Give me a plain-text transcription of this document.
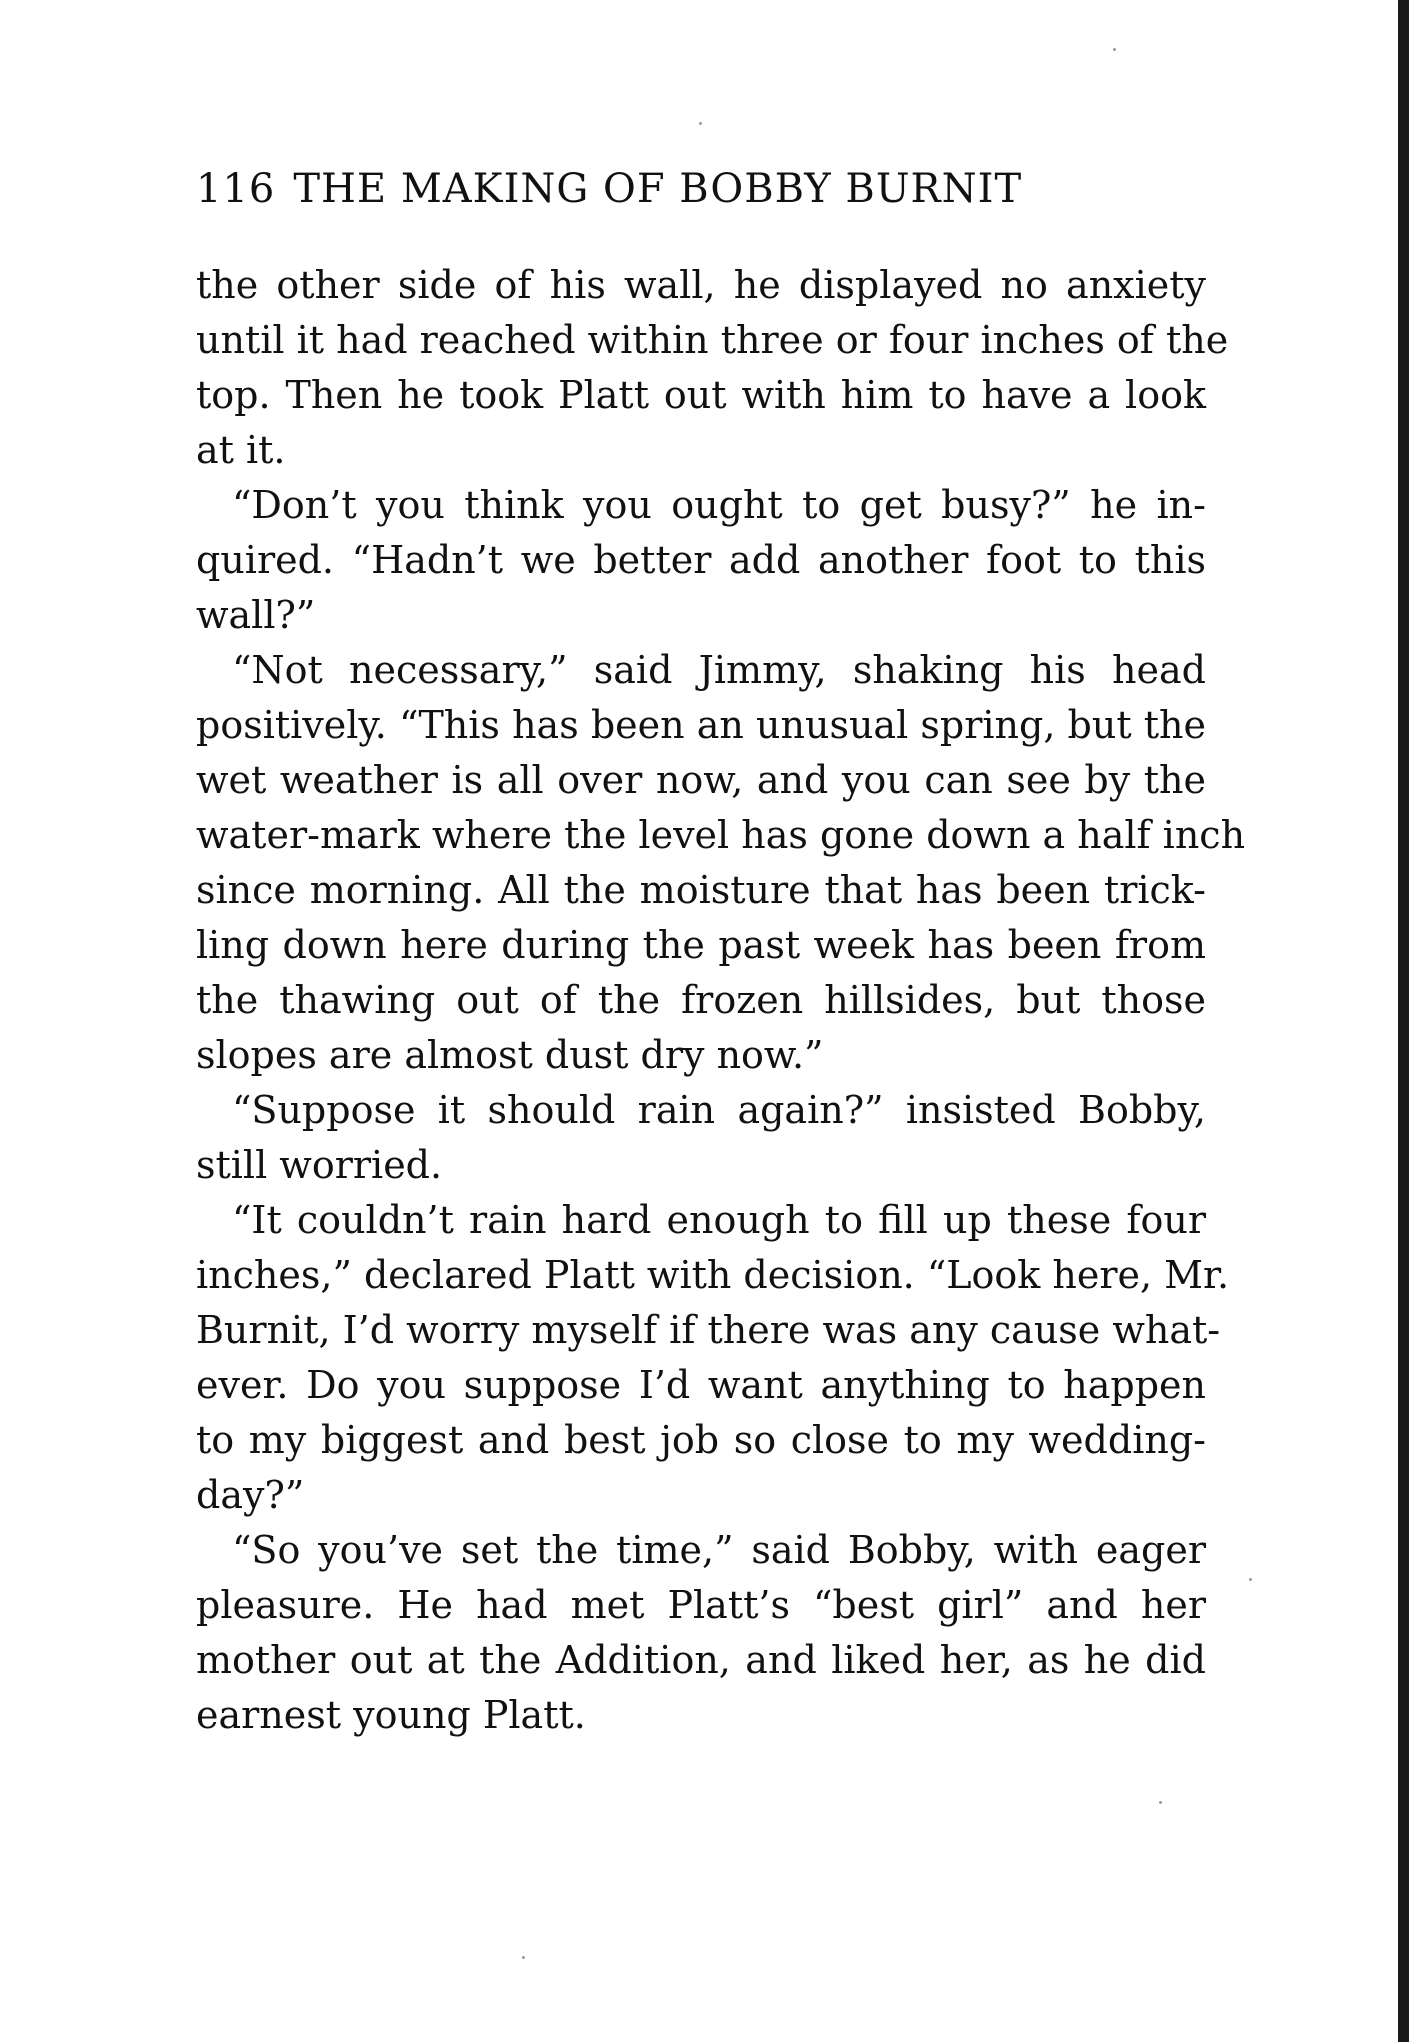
116 THE MAKING OF BOBBY BURNIT
the other side of his wall, he displayed no anxiety
until it had reached within three or four inches of the
top. Then he took Platt out with him to have a look
at it.
“Don’t you think you ought to get busy?” he in-
quired. “Hadn’t we better add another foot to this
wall?”
“Not necessary,” said Jimmy, shaking his head
positively. “This has been an unusual spring, but the
wet weather is all over now, and you can see by the
water-mark where the level has gone down a half inch
since morning. All the moisture that has been trick-
ling down here during the past week has been from
the thawing out of the frozen hillsides, but those
slopes are almost dust dry now.”
“Suppose it should rain again?” insisted Bobby,
still worried.
“It couldn’t rain hard enough to fill up these four
inches,” declared Platt with decision. “Look here, Mr.
Burnit, I’d worry myself if there was any cause what-
ever. Do you suppose I’d want anything to happen
to my biggest and best job so close to my wedding-
day?”
“So you’ve set the time,” said Bobby, with eager
pleasure. He had met Platt’s “best girl” and her
mother out at the Addition, and liked her, as he did
earnest young Platt.
